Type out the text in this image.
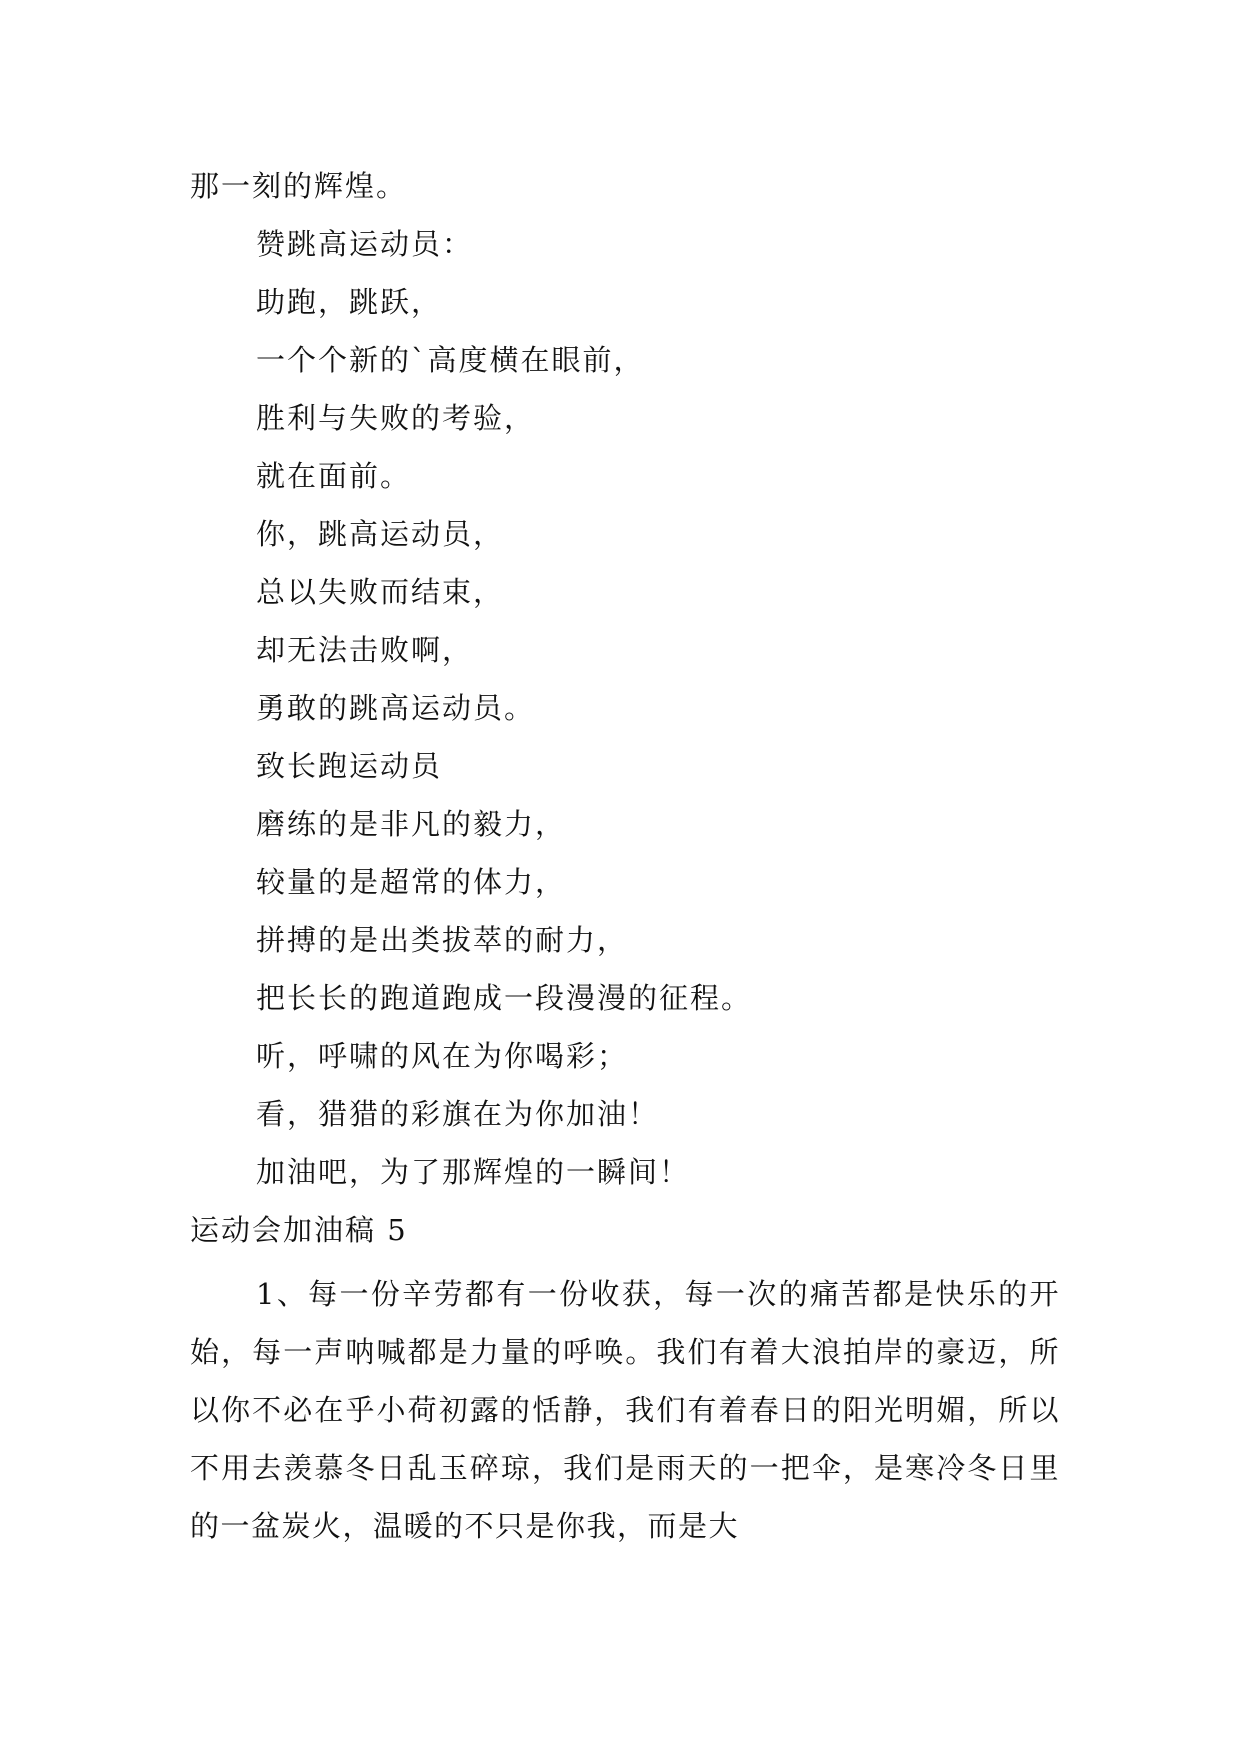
那一刻的辉煌。
赞跳高运动员：
助跑，跳跃，
一个个新的`高度横在眼前，
胜利与失败的考验，
就在面前。
你，跳高运动员，
总以失败而结束，
却无法击败啊，
勇敢的跳高运动员。
致长跑运动员
磨练的是非凡的毅力，
较量的是超常的体力，
拼搏的是出类拔萃的耐力，
把长长的跑道跑成一段漫漫的征程。
听，呼啸的风在为你喝彩；
看，猎猎的彩旗在为你加油！
加油吧，为了那辉煌的一瞬间！
运动会加油稿 5
1、每一份辛劳都有一份收获，每一次的痛苦都是快乐的开始，每一声呐喊都是力量的呼唤。我们有着大浪拍岸的豪迈，所以你不必在乎小荷初露的恬静，我们有着春日的阳光明媚，所以不用去羡慕冬日乱玉碎琼，我们是雨天的一把伞，是寒冷冬日里的一盆炭火，温暖的不只是你我，而是大
